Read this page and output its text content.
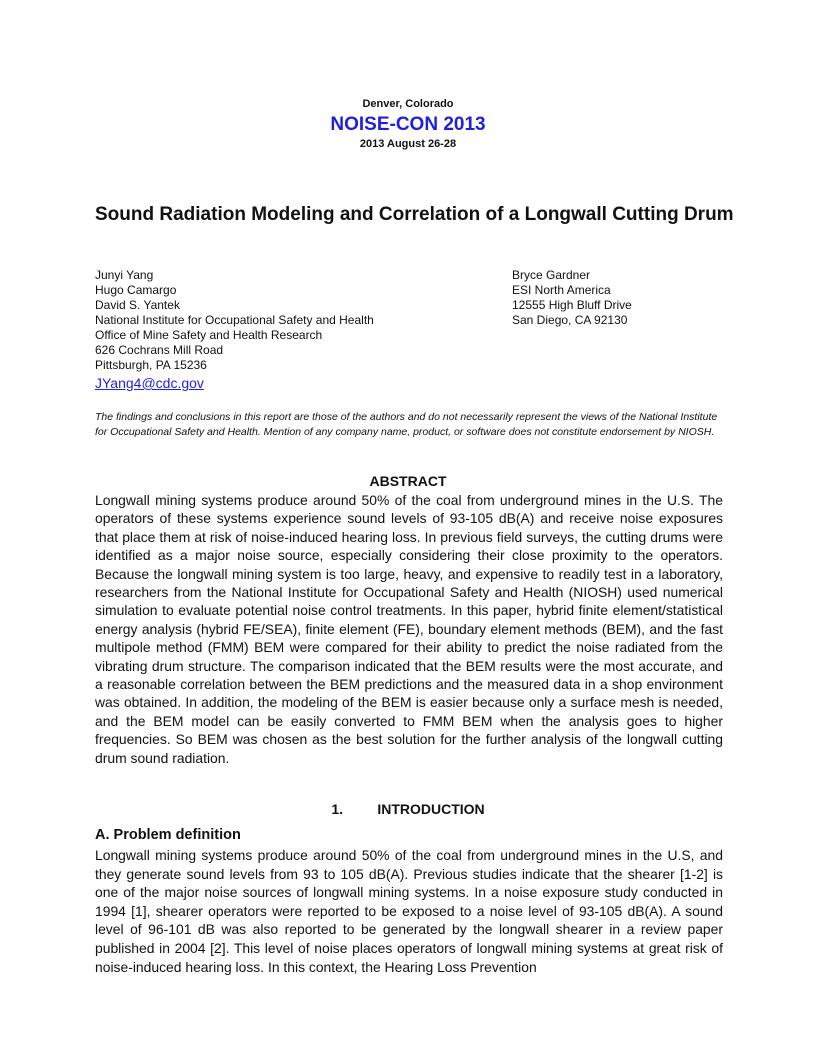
Denver, Colorado
NOISE-CON 2013
2013 August 26-28
Sound Radiation Modeling and Correlation of a Longwall Cutting Drum
Junyi Yang
Hugo Camargo
David S. Yantek
National Institute for Occupational Safety and Health
Office of Mine Safety and Health Research
626 Cochrans Mill Road
Pittsburgh, PA 15236
JYang4@cdc.gov
Bryce Gardner
ESI North America
12555 High Bluff Drive
San Diego, CA 92130
The findings and conclusions in this report are those of the authors and do not necessarily represent the views of the National Institute for Occupational Safety and Health. Mention of any company name, product, or software does not constitute endorsement by NIOSH.
ABSTRACT
Longwall mining systems produce around 50% of the coal from underground mines in the U.S. The operators of these systems experience sound levels of 93-105 dB(A) and receive noise exposures that place them at risk of noise-induced hearing loss. In previous field surveys, the cutting drums were identified as a major noise source, especially considering their close proximity to the operators. Because the longwall mining system is too large, heavy, and expensive to readily test in a laboratory, researchers from the National Institute for Occupational Safety and Health (NIOSH) used numerical simulation to evaluate potential noise control treatments. In this paper, hybrid finite element/statistical energy analysis (hybrid FE/SEA), finite element (FE), boundary element methods (BEM), and the fast multipole method (FMM) BEM were compared for their ability to predict the noise radiated from the vibrating drum structure. The comparison indicated that the BEM results were the most accurate, and a reasonable correlation between the BEM predictions and the measured data in a shop environment was obtained. In addition, the modeling of the BEM is easier because only a surface mesh is needed, and the BEM model can be easily converted to FMM BEM when the analysis goes to higher frequencies. So BEM was chosen as the best solution for the further analysis of the longwall cutting drum sound radiation.
1. INTRODUCTION
A. Problem definition
Longwall mining systems produce around 50% of the coal from underground mines in the U.S, and they generate sound levels from 93 to 105 dB(A). Previous studies indicate that the shearer [1-2] is one of the major noise sources of longwall mining systems. In a noise exposure study conducted in 1994 [1], shearer operators were reported to be exposed to a noise level of 93-105 dB(A). A sound level of 96-101 dB was also reported to be generated by the longwall shearer in a review paper published in 2004 [2]. This level of noise places operators of longwall mining systems at great risk of noise-induced hearing loss. In this context, the Hearing Loss Prevention
